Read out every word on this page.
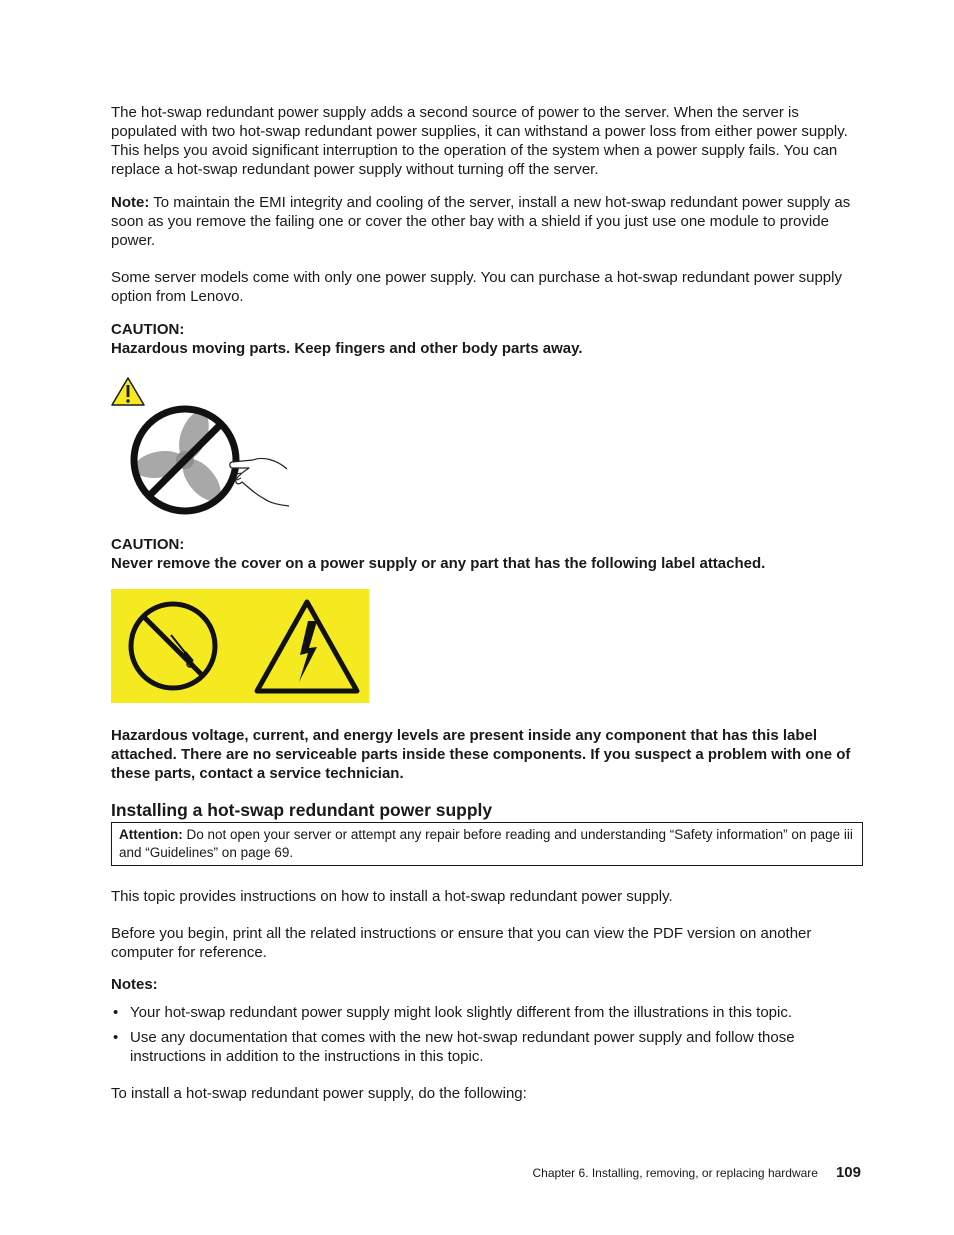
The hot-swap redundant power supply adds a second source of power to the server. When the server is populated with two hot-swap redundant power supplies, it can withstand a power loss from either power supply. This helps you avoid significant interruption to the operation of the system when a power supply fails. You can replace a hot-swap redundant power supply without turning off the server.

Note: To maintain the EMI integrity and cooling of the server, install a new hot-swap redundant power supply as soon as you remove the failing one or cover the other bay with a shield if you just use one module to provide power.

Some server models come with only one power supply. You can purchase a hot-swap redundant power supply option from Lenovo.

CAUTION:

Hazardous moving parts. Keep fingers and other body parts away.

CAUTION:

Never remove the cover on a power supply or any part that has the following label attached.

Hazardous voltage, current, and energy levels are present inside any component that has this label attached. There are no serviceable parts inside these components. If you suspect a problem with one of these parts, contact a service technician.

Installing a hot-swap redundant power supply
Attention: Do not open your server or attempt any repair before reading and understanding “Safety information” on page iii and “Guidelines” on page 69.

This topic provides instructions on how to install a hot-swap redundant power supply.

Before you begin, print all the related instructions or ensure that you can view the PDF version on another computer for reference.

Notes:

• Your hot-swap redundant power supply might look slightly different from the illustrations in this topic.

• Use any documentation that comes with the new hot-swap redundant power supply and follow those instructions in addition to the instructions in this topic.

To install a hot-swap redundant power supply, do the following:

Chapter 6. Installing, removing, or replacing hardware 109
